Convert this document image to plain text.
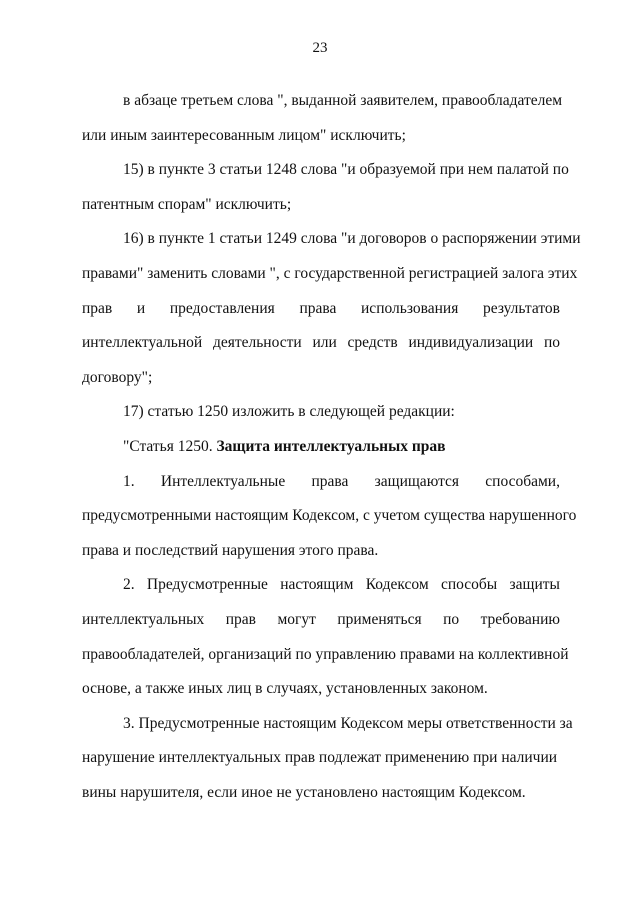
23
в абзаце третьем слова ", выданной заявителем, правообладателем
или иным заинтересованным лицом" исключить;
15) в пункте 3 статьи 1248 слова "и образуемой при нем палатой по
патентным спорам" исключить;
16) в пункте 1 статьи 1249 слова "и договоров о распоряжении этими
правами" заменить словами ", с государственной регистрацией залога этих
прав и предоставления права использования результатов
интеллектуальной деятельности или средств индивидуализации по
договору";
17) статью 1250 изложить в следующей редакции:
"Статья 1250. Защита интеллектуальных прав
1. Интеллектуальные права защищаются способами,
предусмотренными настоящим Кодексом, с учетом существа нарушенного
права и последствий нарушения этого права.
2. Предусмотренные настоящим Кодексом способы защиты
интеллектуальных прав могут применяться по требованию
правообладателей, организаций по управлению правами на коллективной
основе, а также иных лиц в случаях, установленных законом.
3. Предусмотренные настоящим Кодексом меры ответственности за
нарушение интеллектуальных прав подлежат применению при наличии
вины нарушителя, если иное не установлено настоящим Кодексом.
